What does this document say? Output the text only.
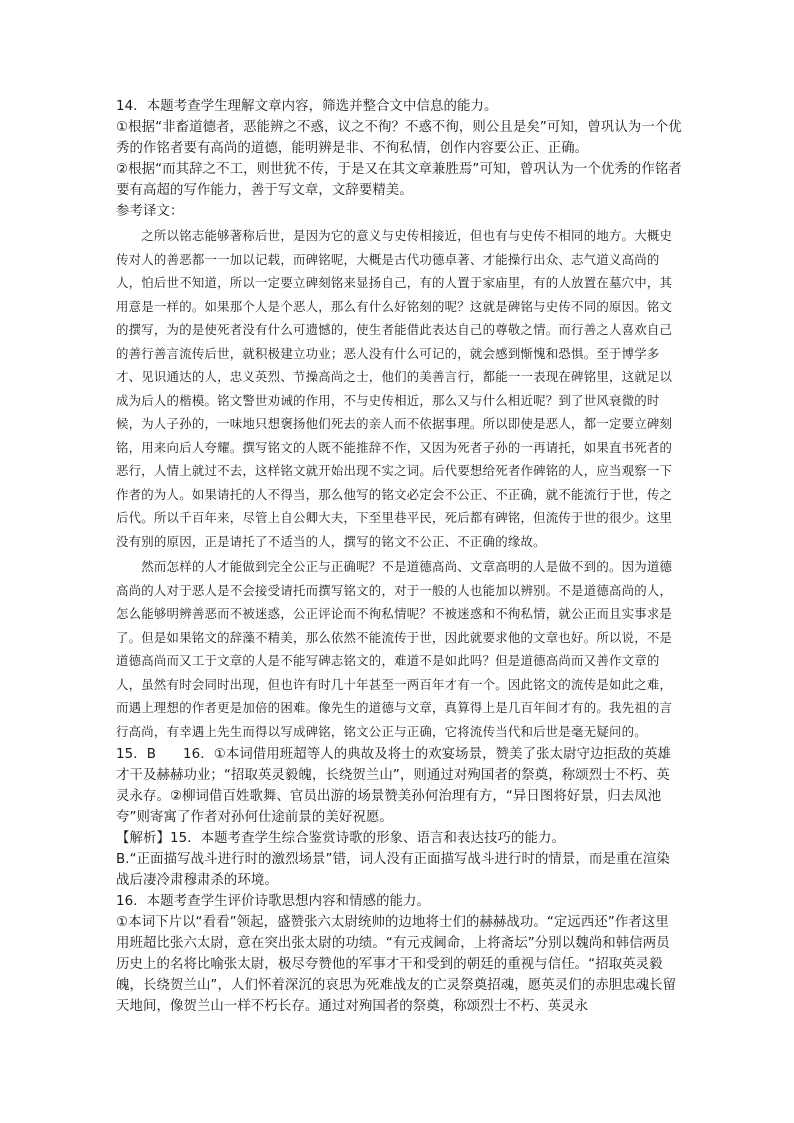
14．本题考查学生理解文章内容，筛选并整合文中信息的能力。

①根据“非畜道德者，恶能辨之不惑，议之不徇？不惑不徇，则公且是矣”可知，曾巩认为一个优秀的作铭者要有高尚的道德，能明辨是非、不徇私情，创作内容要公正、正确。

②根据“而其辞之不工，则世犹不传，于是又在其文章兼胜焉”可知，曾巩认为一个优秀的作铭者要有高超的写作能力，善于写文章，文辞要精美。

参考译文：

　　之所以铭志能够著称后世，是因为它的意义与史传相接近，但也有与史传不相同的地方。大概史传对人的善恶都一一加以记载，而碑铭呢，大概是古代功德卓著、才能操行出众、志气道义高尚的人，怕后世不知道，所以一定要立碑刻铭来显扬自己，有的人置于家庙里，有的人放置在墓穴中，其用意是一样的。如果那个人是个恶人，那么有什么好铭刻的呢？这就是碑铭与史传不同的原因。铭文的撰写，为的是使死者没有什么可遗憾的，使生者能借此表达自己的尊敬之情。而行善之人喜欢自己的善行善言流传后世，就积极建立功业；恶人没有什么可记的，就会感到惭愧和恐惧。至于博学多才、见识通达的人，忠义英烈、节操高尚之士，他们的美善言行，都能一一表现在碑铭里，这就足以成为后人的楷模。铭文警世劝诫的作用，不与史传相近，那么又与什么相近呢？到了世风衰微的时候，为人子孙的，一味地只想褒扬他们死去的亲人而不依据事理。所以即使是恶人，都一定要立碑刻铭，用来向后人夸耀。撰写铭文的人既不能推辞不作，又因为死者子孙的一再请托，如果直书死者的恶行，人情上就过不去，这样铭文就开始出现不实之词。后代要想给死者作碑铭的人，应当观察一下作者的为人。如果请托的人不得当，那么他写的铭文必定会不公正、不正确，就不能流行于世，传之后代。所以千百年来，尽管上自公卿大夫，下至里巷平民，死后都有碑铭，但流传于世的很少。这里没有别的原因，正是请托了不适当的人，撰写的铭文不公正、不正确的缘故。

　　然而怎样的人才能做到完全公正与正确呢？不是道德高尚、文章高明的人是做不到的。因为道德高尚的人对于恶人是不会接受请托而撰写铭文的，对于一般的人也能加以辨别。不是道德高尚的人，怎么能够明辨善恶而不被迷惑，公正评论而不徇私情呢？不被迷惑和不徇私情，就公正而且实事求是了。但是如果铭文的辞藻不精美，那么依然不能流传于世，因此就要求他的文章也好。所以说，不是道德高尚而又工于文章的人是不能写碑志铭文的，难道不是如此吗？但是道德高尚而又善作文章的人，虽然有时会同时出现，但也许有时几十年甚至一两百年才有一个。因此铭文的流传是如此之难，而遇上理想的作者更是加倍的困难。像先生的道德与文章，真算得上是几百年间才有的。我先祖的言行高尚，有幸遇上先生而得以写成碑铭，铭文公正与正确，它将流传当代和后世是毫无疑问的。

15．B　　16．①本词借用班超等人的典故及将士的欢宴场景，赞美了张太尉守边拒敌的英雄才干及赫赫功业；“招取英灵毅魄，长绕贺兰山”，则通过对殉国者的祭奠，称颂烈士不朽、英灵永存。②柳词借百姓歌舞、官员出游的场景赞美孙何治理有方，“异日图将好景，归去凤池夸”则寄寓了作者对孙何仕途前景的美好祝愿。

【解析】15．本题考查学生综合鉴赏诗歌的形象、语言和表达技巧的能力。

B.“正面描写战斗进行时的激烈场景”错，词人没有正面描写战斗进行时的情景，而是重在渲染战后凄冷肃穆肃杀的环境。

16．本题考查学生评价诗歌思想内容和情感的能力。

①本词下片以“看看”领起，盛赞张六太尉统帅的边地将士们的赫赫战功。“定远西还”作者这里用班超比张六太尉，意在突出张太尉的功绩。“有元戎阃命，上将斋坛”分别以魏尚和韩信两员历史上的名将比喻张太尉，极尽夸赞他的军事才干和受到的朝廷的重视与信任。“招取英灵毅魄，长绕贺兰山”，人们怀着深沉的哀思为死难战友的亡灵祭奠招魂，愿英灵们的赤胆忠魂长留天地间，像贺兰山一样不朽长存。通过对殉国者的祭奠，称颂烈士不朽、英灵永
